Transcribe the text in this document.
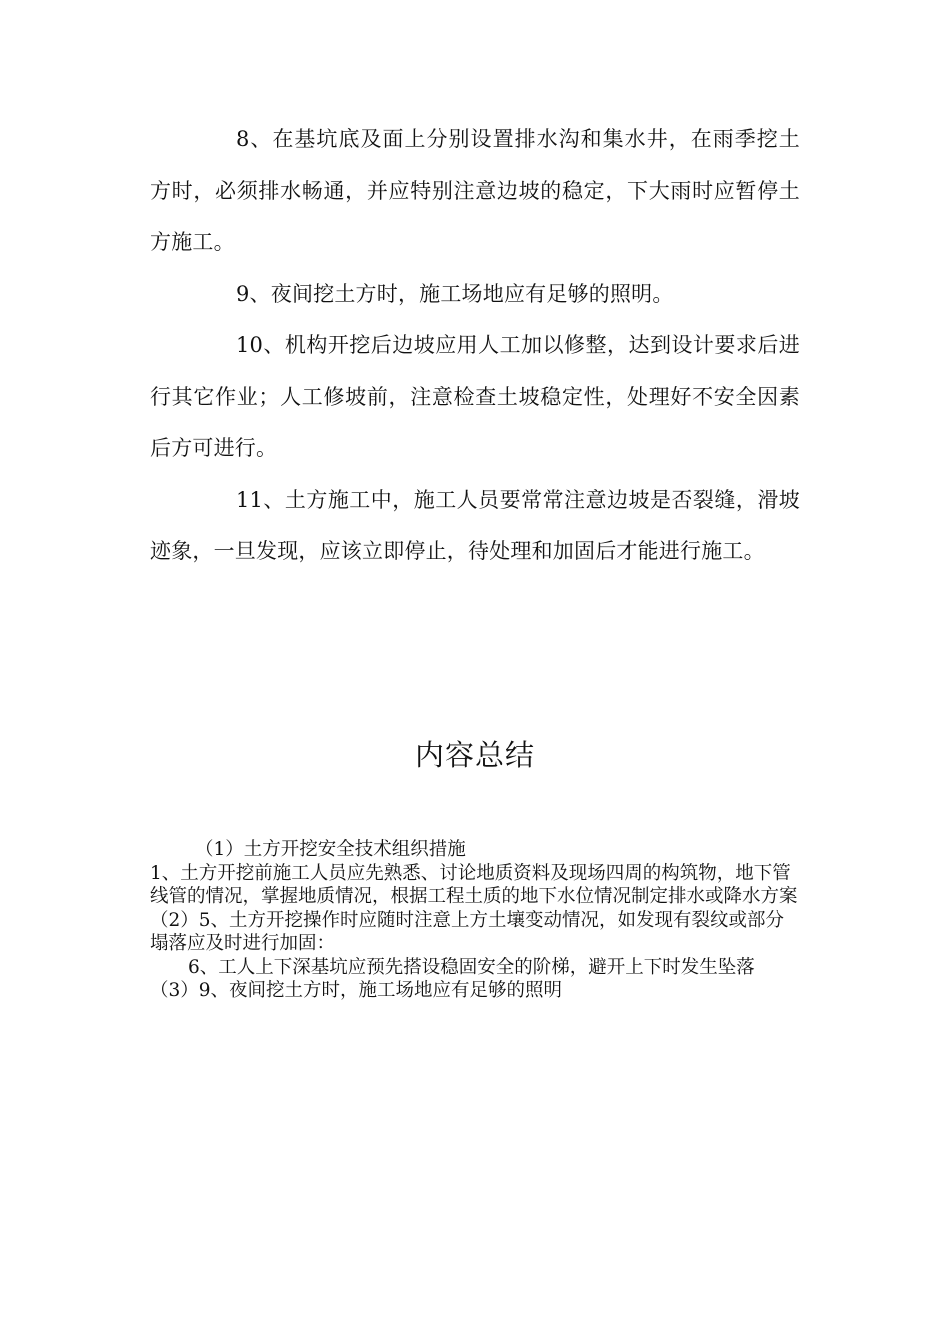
8、在基坑底及面上分别设置排水沟和集水井，在雨季挖土方时，必须排水畅通，并应特别注意边坡的稳定，下大雨时应暂停土方施工。

9、夜间挖土方时，施工场地应有足够的照明。

10、机构开挖后边坡应用人工加以修整，达到设计要求后进行其它作业；人工修坡前，注意检查土坡稳定性，处理好不安全因素后方可进行。

11、土方施工中，施工人员要常常注意边坡是否裂缝，滑坡迹象，一旦发现，应该立即停止，待处理和加固后才能进行施工。

内容总结

（1）土方开挖安全技术组织措施

1、土方开挖前施工人员应先熟悉、讨论地质资料及现场四周的构筑物，地下管线管的情况，掌握地质情况，根据工程土质的地下水位情况制定排水或降水方案

（2）5、土方开挖操作时应随时注意上方土壤变动情况，如发现有裂纹或部分塌落应及时进行加固：

6、工人上下深基坑应预先搭设稳固安全的阶梯，避开上下时发生坠落

（3）9、夜间挖土方时，施工场地应有足够的照明
